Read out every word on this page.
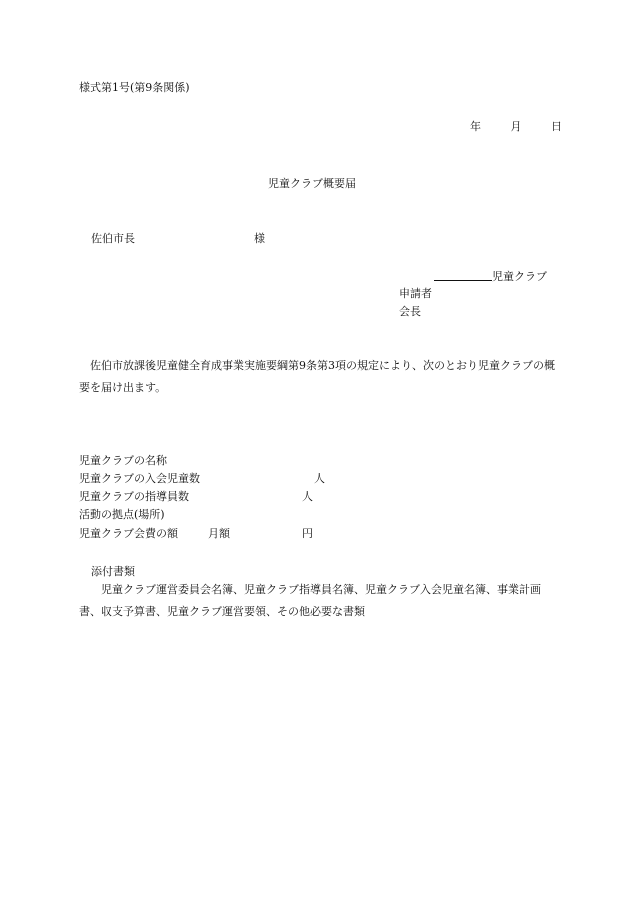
様式第1号(第9条関係)
年	月	日
児童クラブ概要届
佐伯市長	様
児童クラブ
申請者
会長
佐伯市放課後児童健全育成事業実施要綱第9条第3項の規定により、次のとおり児童クラブの概要を届け出ます。
児童クラブの名称
児童クラブの入会児童数	人
児童クラブの指導員数	人
活動の拠点(場所)
児童クラブ会費の額	月額	円
添付書類
児童クラブ運営委員会名簿、児童クラブ指導員名簿、児童クラブ入会児童名簿、事業計画書、収支予算書、児童クラブ運営要領、その他必要な書類
